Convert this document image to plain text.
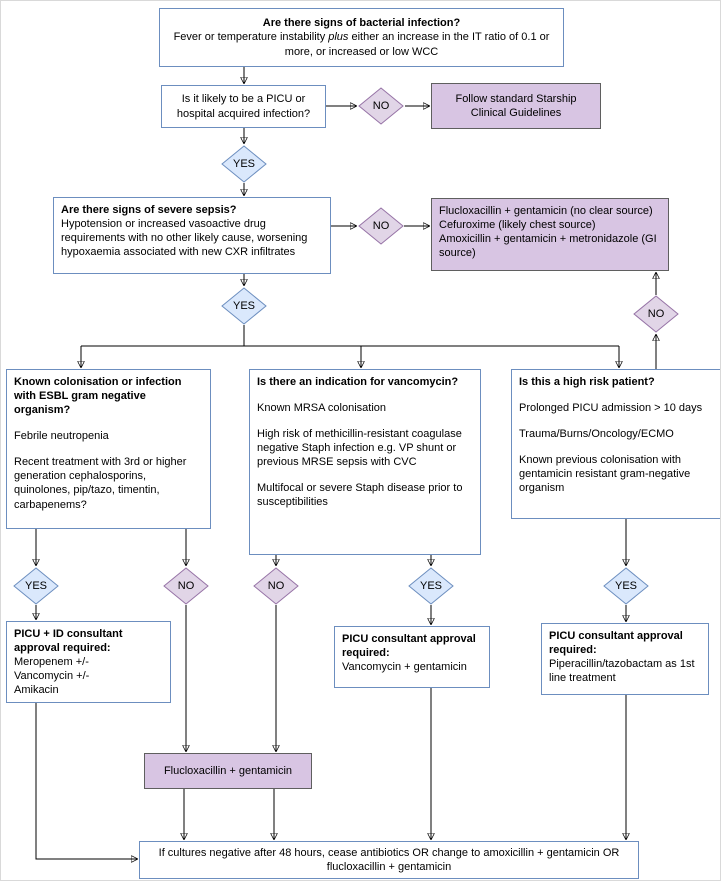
Are there signs of bacterial infection?
Fever or temperature instability plus either an increase in the IT ratio of 0.1 or more, or increased or low WCC
Is it likely to be a PICU or hospital acquired infection?
NO
Follow standard Starship Clinical Guidelines
YES
Are there signs of severe sepsis?
Hypotension or increased vasoactive drug requirements with no other likely cause, worsening hypoxaemia associated with new CXR infiltrates
NO
Flucloxacillin + gentamicin (no clear source)
Cefuroxime (likely chest source)
Amoxicillin + gentamicin + metronidazole (GI source)
NO
YES
Known colonisation or infection with ESBL gram negative organism?
Febrile neutropenia
Recent treatment with 3rd or higher generation cephalosporins, quinolones, pip/tazo, timentin, carbapenems?
Is there an indication for vancomycin?
Known MRSA colonisation
High risk of methicillin-resistant coagulase negative Staph infection e.g. VP shunt or previous MRSE sepsis with CVC
Multifocal or severe Staph disease prior to susceptibilities
Is this a high risk patient?
Prolonged PICU admission > 10 days
Trauma/Burns/Oncology/ECMO
Known previous colonisation with gentamicin resistant gram-negative organism
YES	NO	NO	YES	YES
PICU + ID consultant approval required:
Meropenem +/-
Vancomycin +/-
Amikacin
PICU consultant approval required:
Vancomycin + gentamicin
PICU consultant approval required:
Piperacillin/tazobactam as 1st line treatment
Flucloxacillin + gentamicin
If cultures negative after 48 hours, cease antibiotics OR change to amoxicillin + gentamicin OR flucloxacillin + gentamicin
